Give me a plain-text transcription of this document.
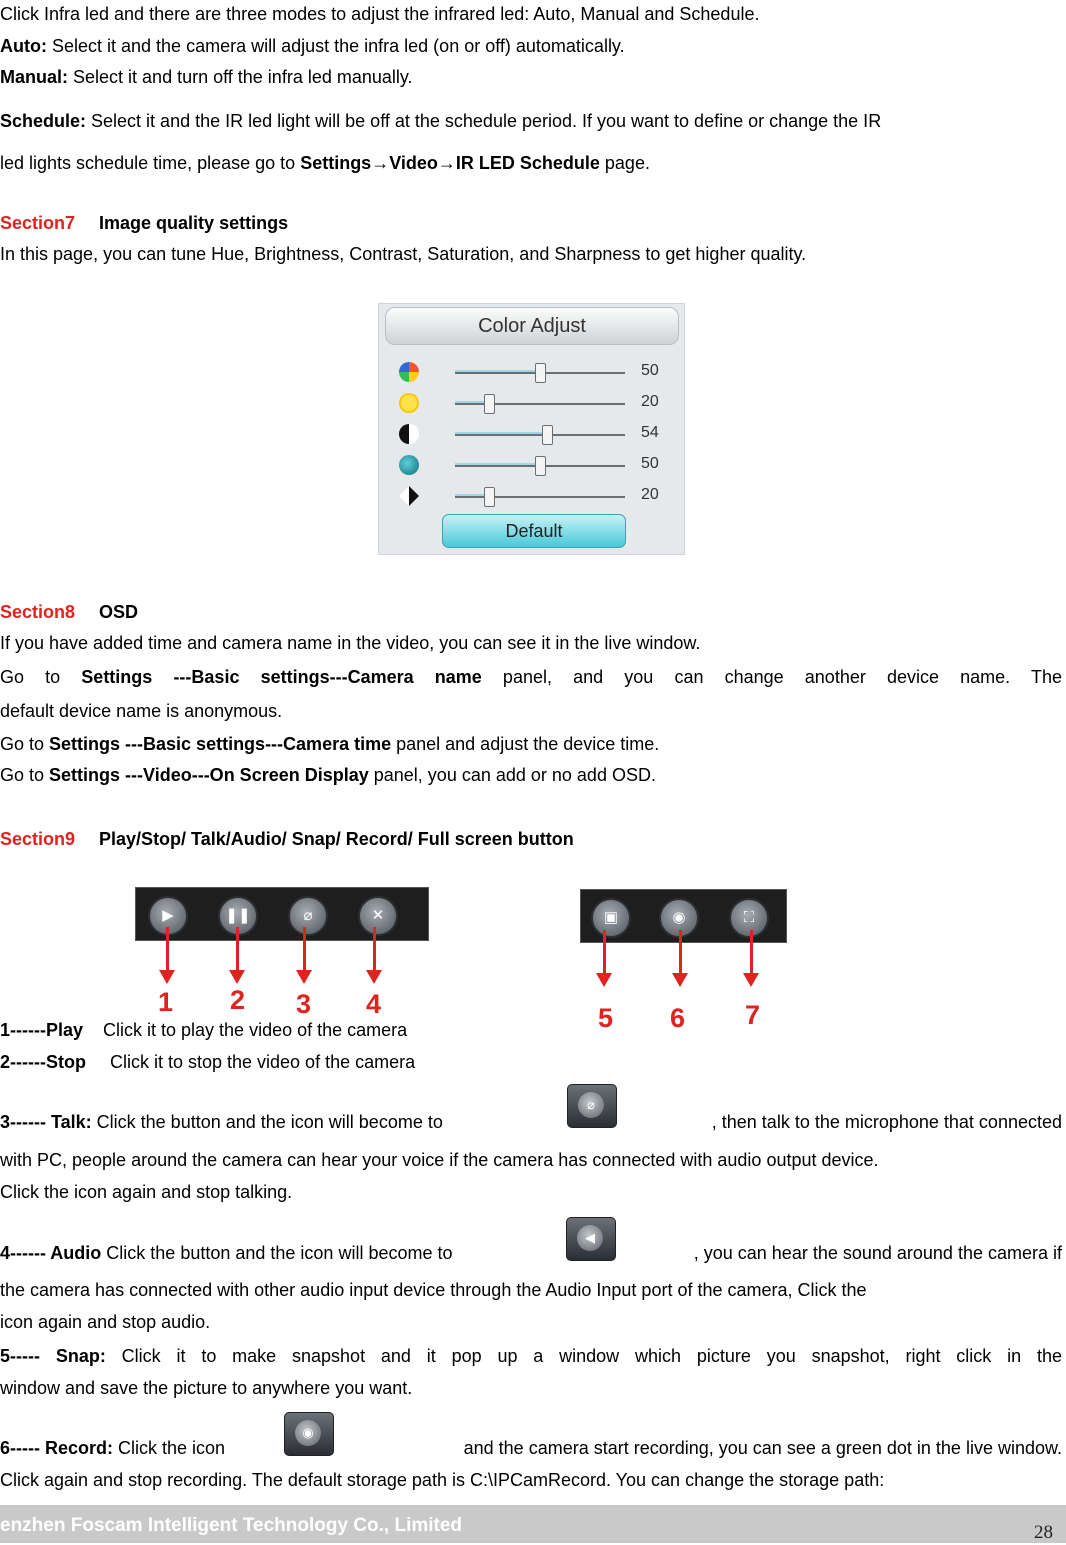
Click Infra led and there are three modes to adjust the infrared led: Auto, Manual and Schedule.
Auto: Select it and the camera will adjust the infra led (on or off) automatically.
Manual: Select it and turn off the infra led manually.
Schedule: Select it and the IR led light will be off at the schedule period. If you want to define or change the IR
led lights schedule time, please go to Settings→Video→IR LED Schedule page.
Section7 Image quality settings
In this page, you can tune Hue, Brightness, Contrast, Saturation, and Sharpness to get higher quality.
Color Adjust
50
20
54
50
20
Default
Section8 OSD
If you have added time and camera name in the video, you can see it in the live window.
Go to Settings ---Basic settings---Camera name panel, and you can change another device name. The
default device name is anonymous.
Go to Settings ---Basic settings---Camera time panel and adjust the device time.
Go to Settings ---Video---On Screen Display panel, you can add or no add OSD.
Section9 Play/Stop/ Talk/Audio/ Snap/ Record/ Full screen button
▶	❚❚	⌀	✕	▣	◉	⛶
1 2 3 4	5 6 7
1------Play Click it to play the video of the camera
2------Stop Click it to stop the video of the camera
3------ Talk: Click the button and the icon will become to
⌀
, then talk to the microphone that connected
with PC, people around the camera can hear your voice if the camera has connected with audio output device.
Click the icon again and stop talking.
4------ Audio Click the button and the icon will become to
◀
, you can hear the sound around the camera if
the camera has connected with other audio input device through the Audio Input port of the camera, Click the
icon again and stop audio.
5----- Snap: Click it to make snapshot and it pop up a window which picture you snapshot, right click in the
window and save the picture to anywhere you want.
6----- Record: Click the icon
◉
and the camera start recording, you can see a green dot in the live window.
Click again and stop recording. The default storage path is C:\IPCamRecord. You can change the storage path:
enzhen Foscam Intelligent Technology Co., Limited	28
